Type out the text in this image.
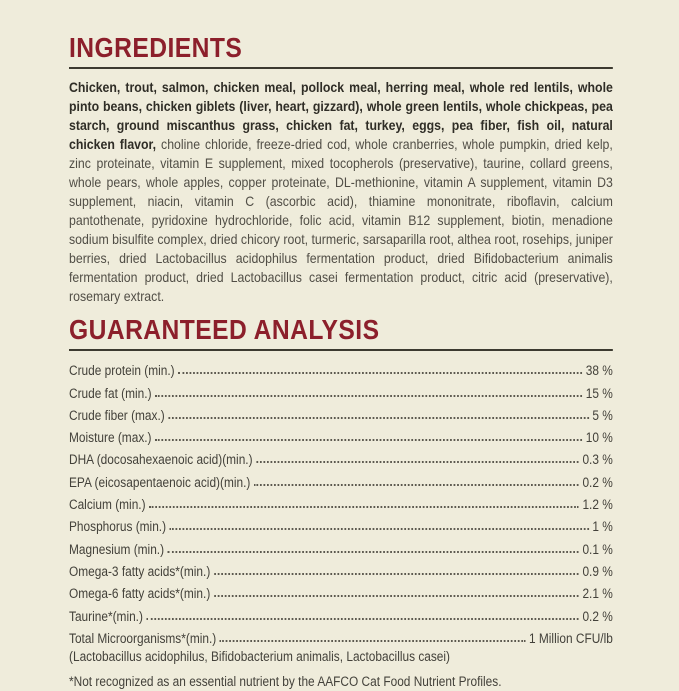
INGREDIENTS

Chicken, trout, salmon, chicken meal, pollock meal, herring meal, whole red lentils, whole pinto beans, chicken giblets (liver, heart, gizzard), whole green lentils, whole chickpeas, pea starch, ground miscanthus grass, chicken fat, turkey, eggs, pea fiber, fish oil, natural chicken flavor, choline chloride, freeze-dried cod, whole cranberries, whole pumpkin, dried kelp, zinc proteinate, vitamin E supplement, mixed tocopherols (preservative), taurine, collard greens, whole pears, whole apples, copper proteinate, DL-methionine, vitamin A supplement, vitamin D3 supplement, niacin, vitamin C (ascorbic acid), thiamine mononitrate, riboflavin, calcium pantothenate, pyridoxine hydrochloride, folic acid, vitamin B12 supplement, biotin, menadione sodium bisulfite complex, dried chicory root, turmeric, sarsaparilla root, althea root, rosehips, juniper berries, dried Lactobacillus acidophilus fermentation product, dried Bifidobacterium animalis fermentation product, dried Lactobacillus casei fermentation product, citric acid (preservative), rosemary extract.

GUARANTEED ANALYSIS
Crude protein (min.)	38 %
Crude fat (min.)	15 %
Crude fiber (max.)	5 %
Moisture (max.)	10 %
DHA (docosahexaenoic acid)(min.)	0.3 %
EPA (eicosapentaenoic acid)(min.)	0.2 %
Calcium (min.)	1.2 %
Phosphorus (min.)	1 %
Magnesium (min.)	0.1 %
Omega-3 fatty acids*(min.)	0.9 %
Omega-6 fatty acids*(min.)	2.1 %
Taurine*(min.)	0.2 %
Total Microorganisms*(min.)	1 Million CFU/lb
(Lactobacillus acidophilus, Bifidobacterium animalis, Lactobacillus casei)
*Not recognized as an essential nutrient by the AAFCO Cat Food Nutrient Profiles.
